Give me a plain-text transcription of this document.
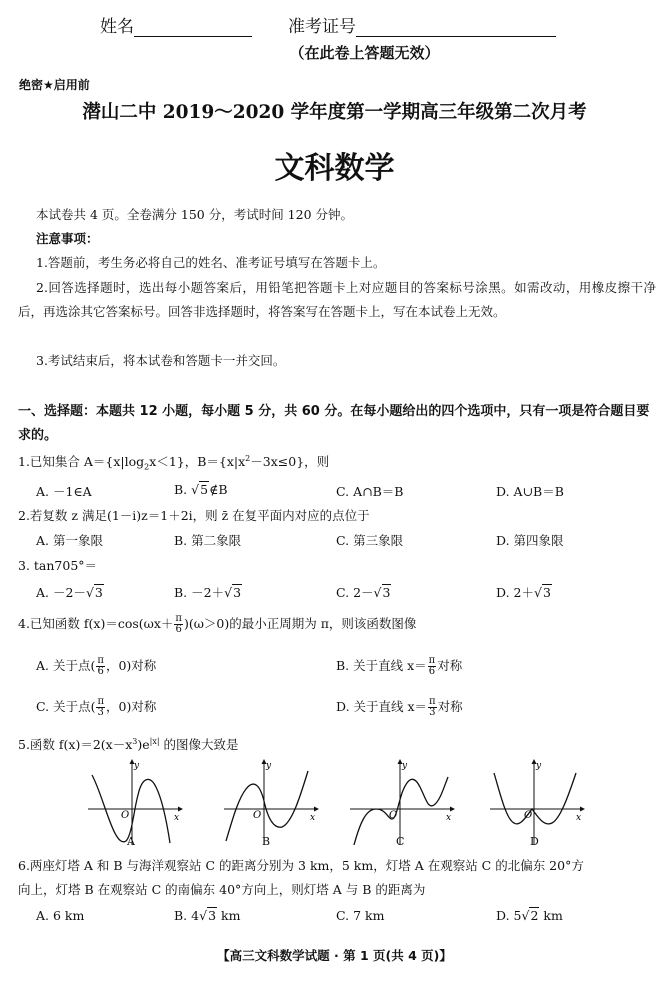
姓名	准考证号
（在此卷上答题无效）
绝密★启用前
潜山二中 2019～2020 学年度第一学期高三年级第二次月考
文科数学
本试卷共 4 页。全卷满分 150 分，考试时间 120 分钟。
注意事项：
1.答题前，考生务必将自己的姓名、准考证号填写在答题卡上。
2.回答选择题时，选出每小题答案后，用铅笔把答题卡上对应题目的答案标号涂黑。如需改动，用橡皮擦干净后，再选涂其它答案标号。回答非选择题时，将答案写在答题卡上，写在本试卷上无效。
3.考试结束后，将本试卷和答题卡一并交回。
一、选择题：本题共 12 小题，每小题 5 分，共 60 分。在每小题给出的四个选项中，只有一项是符合题目要求的。
1.已知集合 $A=\{x|\log_2x<1\}$，$B=\{x|x^2-3x\le 0\}$，则
A. －1∈A	B. √5∉B	C. A∩B＝B	D. A∪B＝B
2.若复数 z 满足(1－i)z＝1＋2i，则 z̄ 在复平面内对应的点位于
A. 第一象限	B. 第二象限	C. 第三象限	D. 第四象限
3. tan705°＝
A. －2－√3	B. －2＋√3	C. 2－√3	D. 2＋√3
4.已知函数 $f(x)=\cos(\omega x+ \frac{\pi}{6} )(\omega>0)$的最小正周期为 π，则该函数图像
A. 关于点( $\frac{\pi}{6}$ ，0)对称	B. 关于直线 $x= \frac{\pi}{6}$ 对称
C. 关于点( $\frac{\pi}{3}$ ，0)对称	D. 关于直线 $x= \frac{\pi}{3}$ 对称
5.函数 $f(x)=2(x-x^3)e^{|x|}$ 的图像大致是
y
x
O
A
y
x
O
B
y
x
O
C
y
x
O
D
6.两座灯塔 A 和 B 与海洋观察站 C 的距离分别为 3 km，5 km，灯塔 A 在观察站 C 的北偏东 20°方
向上，灯塔 B 在观察站 C 的南偏东 40°方向上，则灯塔 A 与 B 的距离为
A. 6 km	B. 4√3 km	C. 7 km	D. 5√2 km
【高三文科数学试题 · 第 1 页(共 4 页)】
